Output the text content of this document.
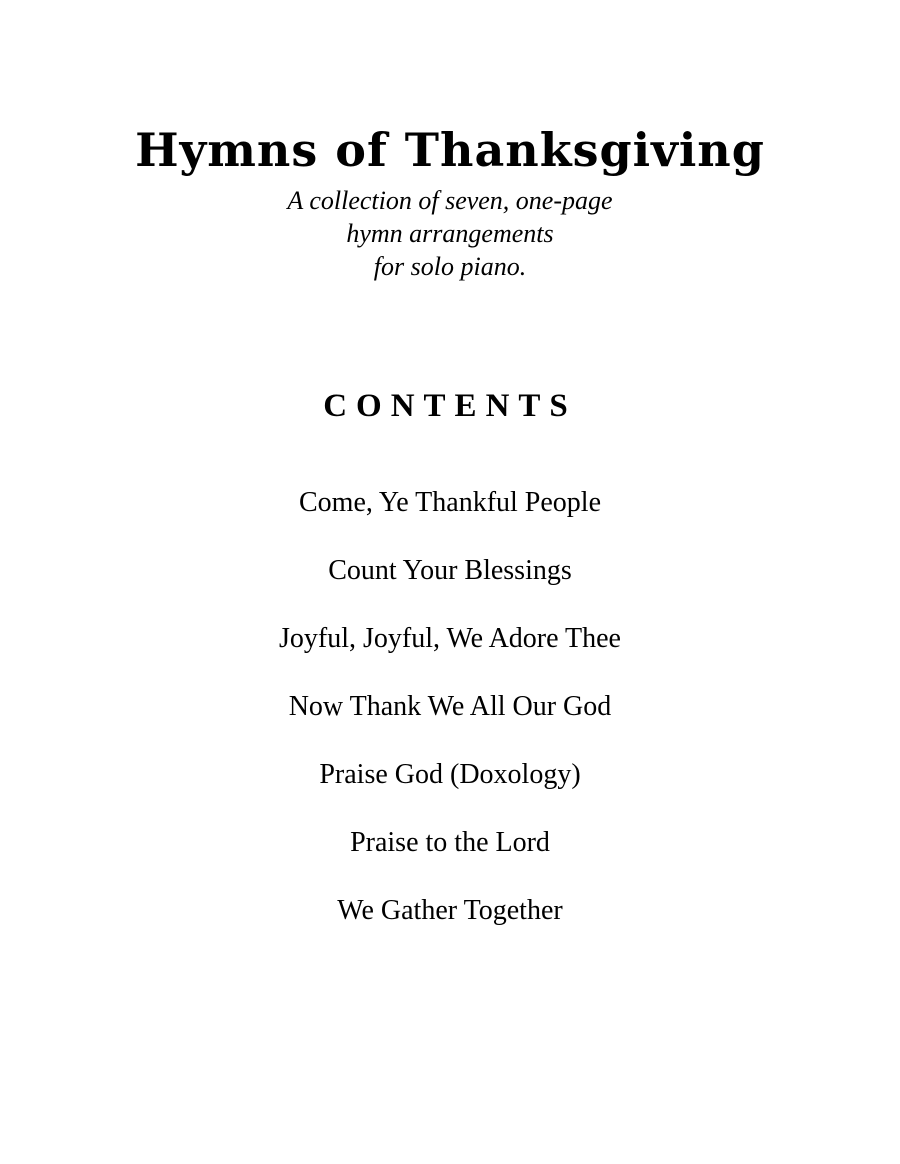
Hymns of Thanksgiving
A collection of seven, one-page
hymn arrangements
for solo piano.
CONTENTS
Come, Ye Thankful People
Count Your Blessings
Joyful, Joyful, We Adore Thee
Now Thank We All Our God
Praise God (Doxology)
Praise to the Lord
We Gather Together
